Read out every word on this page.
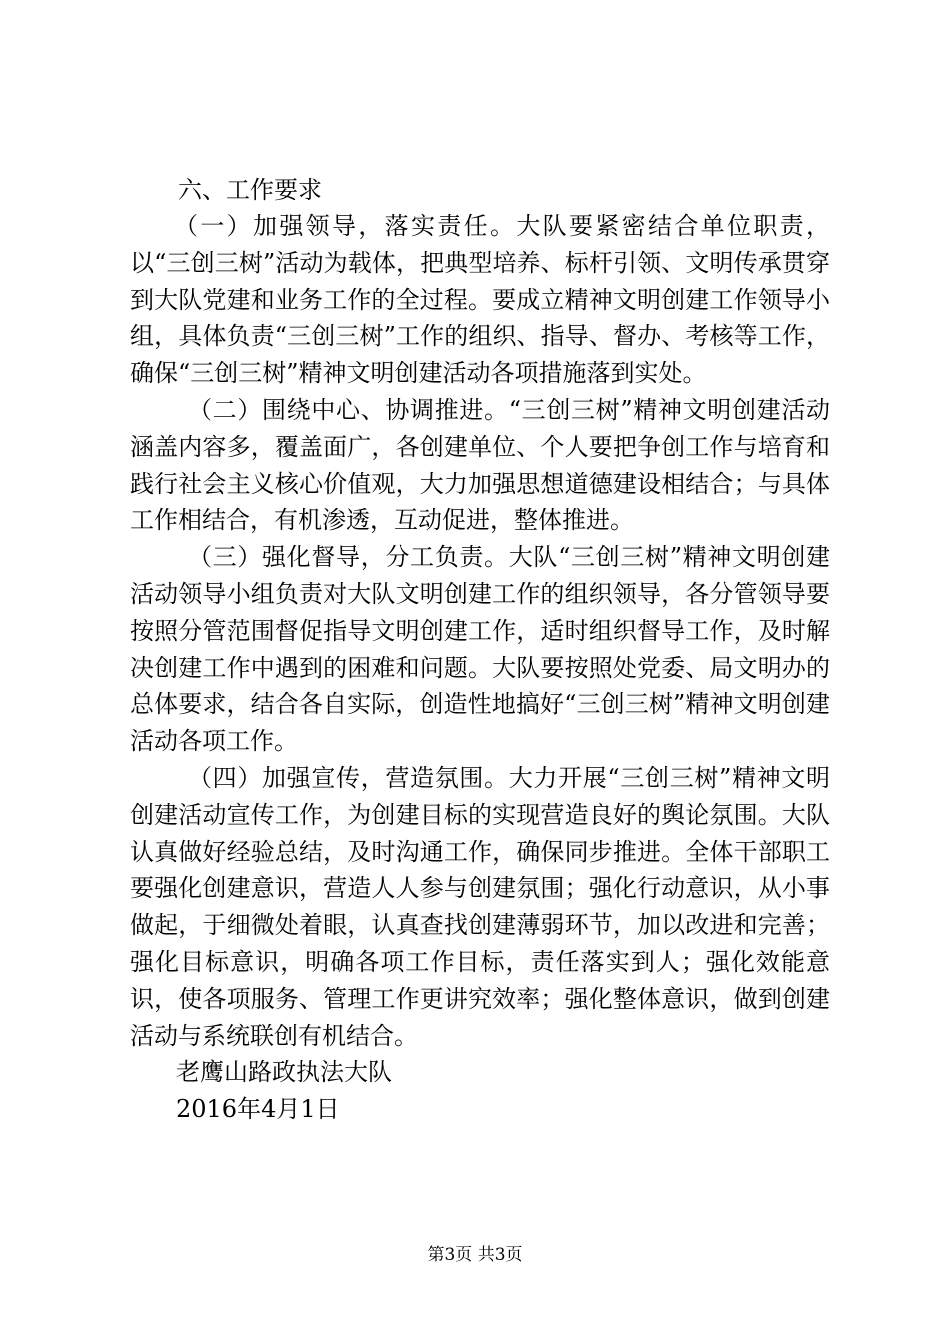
六、工作要求

（一）加强领导，落实责任。大队要紧密结合单位职责，以“三创三树”活动为载体，把典型培养、标杆引领、文明传承贯穿到大队党建和业务工作的全过程。要成立精神文明创建工作领导小组，具体负责“三创三树”工作的组织、指导、督办、考核等工作，确保“三创三树”精神文明创建活动各项措施落到实处。

（二）围绕中心、协调推进。“三创三树”精神文明创建活动涵盖内容多，覆盖面广，各创建单位、个人要把争创工作与培育和践行社会主义核心价值观，大力加强思想道德建设相结合；与具体工作相结合，有机渗透，互动促进，整体推进。

（三）强化督导，分工负责。大队“三创三树”精神文明创建活动领导小组负责对大队文明创建工作的组织领导，各分管领导要按照分管范围督促指导文明创建工作，适时组织督导工作，及时解决创建工作中遇到的困难和问题。大队要按照处党委、局文明办的总体要求，结合各自实际，创造性地搞好“三创三树”精神文明创建活动各项工作。

（四）加强宣传，营造氛围。大力开展“三创三树”精神文明创建活动宣传工作，为创建目标的实现营造良好的舆论氛围。大队认真做好经验总结，及时沟通工作，确保同步推进。全体干部职工要强化创建意识，营造人人参与创建氛围；强化行动意识，从小事做起，于细微处着眼，认真查找创建薄弱环节，加以改进和完善；强化目标意识，明确各项工作目标，责任落实到人；强化效能意识，使各项服务、管理工作更讲究效率；强化整体意识，做到创建活动与系统联创有机结合。

老鹰山路政执法大队

2016年4月1日

第3页 共3页
